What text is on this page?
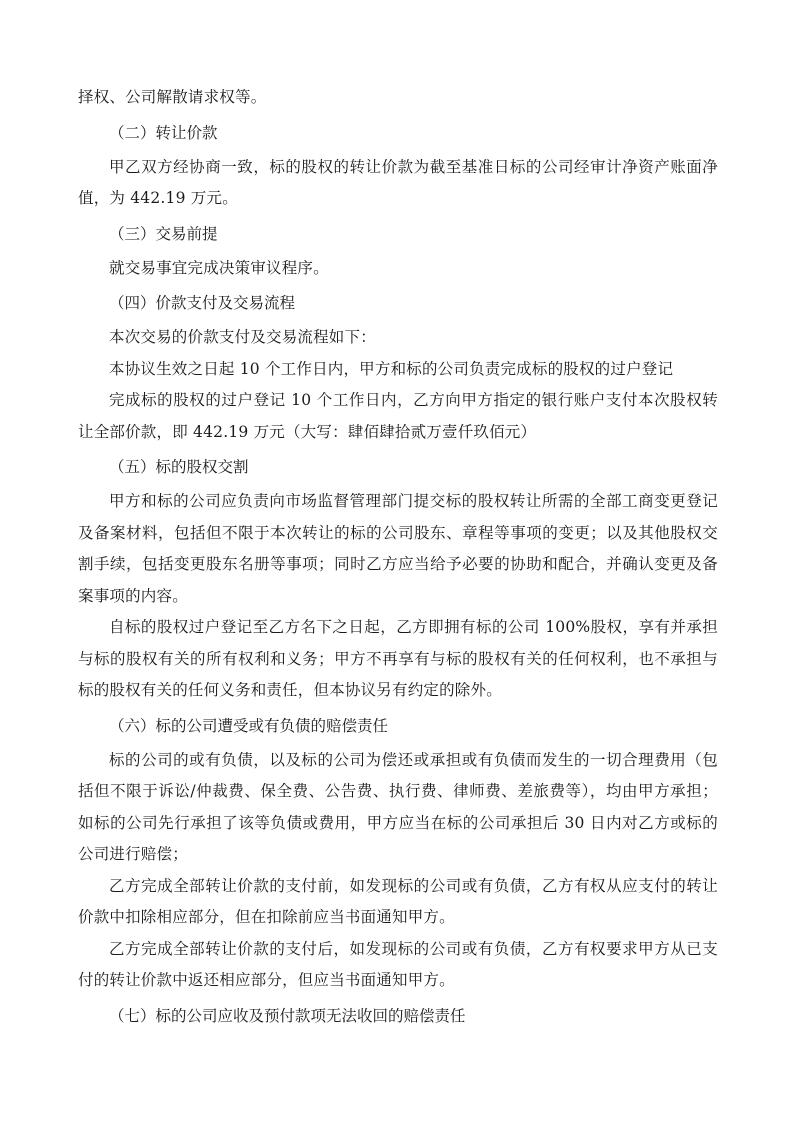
择权、公司解散请求权等。

（二）转让价款

甲乙双方经协商一致，标的股权的转让价款为截至基准日标的公司经审计净资产账面净值，为 442.19 万元。

（三）交易前提

就交易事宜完成决策审议程序。

（四）价款支付及交易流程

本次交易的价款支付及交易流程如下：

本协议生效之日起 10 个工作日内，甲方和标的公司负责完成标的股权的过户登记

完成标的股权的过户登记 10 个工作日内，乙方向甲方指定的银行账户支付本次股权转让全部价款，即 442.19 万元（大写：肆佰肆拾贰万壹仟玖佰元）

（五）标的股权交割

甲方和标的公司应负责向市场监督管理部门提交标的股权转让所需的全部工商变更登记及备案材料，包括但不限于本次转让的标的公司股东、章程等事项的变更；以及其他股权交割手续，包括变更股东名册等事项；同时乙方应当给予必要的协助和配合，并确认变更及备案事项的内容。

自标的股权过户登记至乙方名下之日起，乙方即拥有标的公司 100%股权，享有并承担与标的股权有关的所有权利和义务；甲方不再享有与标的股权有关的任何权利，也不承担与标的股权有关的任何义务和责任，但本协议另有约定的除外。

（六）标的公司遭受或有负债的赔偿责任

标的公司的或有负债，以及标的公司为偿还或承担或有负债而发生的一切合理费用（包括但不限于诉讼/仲裁费、保全费、公告费、执行费、律师费、差旅费等），均由甲方承担；如标的公司先行承担了该等负债或费用，甲方应当在标的公司承担后 30 日内对乙方或标的公司进行赔偿；

乙方完成全部转让价款的支付前，如发现标的公司或有负债，乙方有权从应支付的转让价款中扣除相应部分，但在扣除前应当书面通知甲方。

乙方完成全部转让价款的支付后，如发现标的公司或有负债，乙方有权要求甲方从已支付的转让价款中返还相应部分，但应当书面通知甲方。

（七）标的公司应收及预付款项无法收回的赔偿责任
